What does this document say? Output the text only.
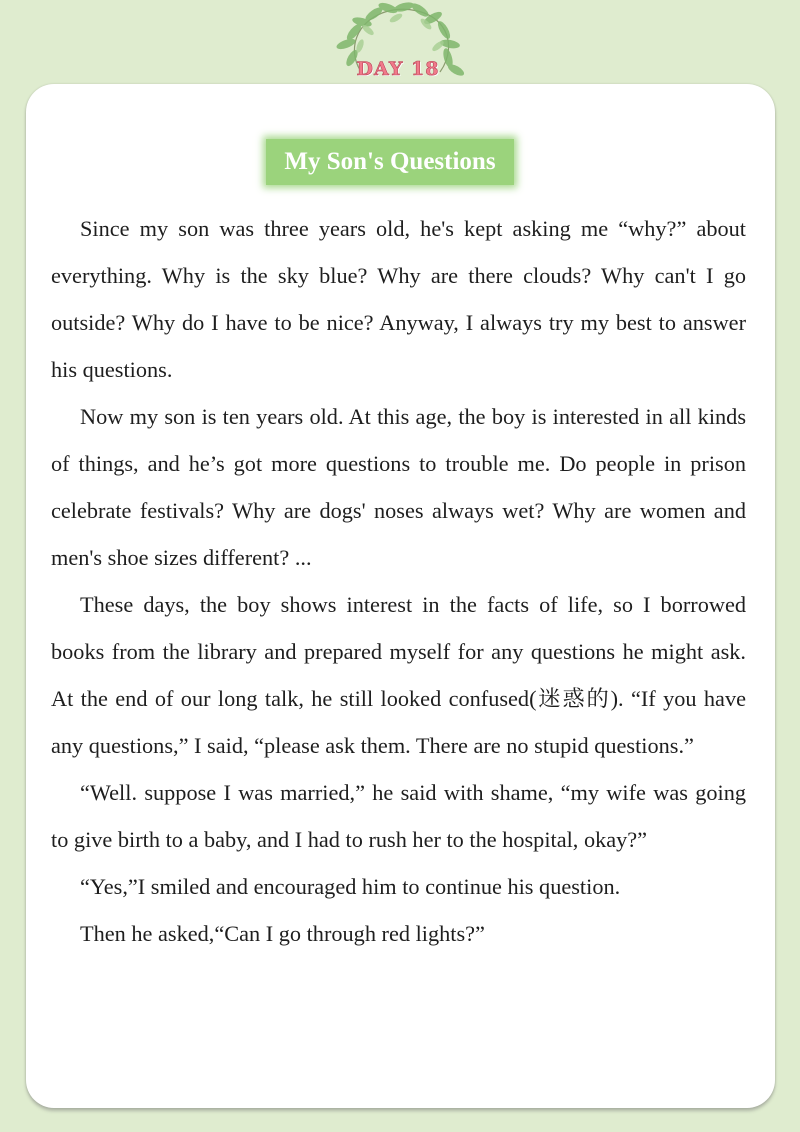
DAY 18
My Son's Questions

Since my son was three years old, he's kept asking me “why?” about everything. Why is the sky blue? Why are there clouds? Why can't I go outside? Why do I have to be nice? Anyway, I always try my best to answer his questions.

Now my son is ten years old. At this age, the boy is interested in all kinds of things, and he’s got more questions to trouble me. Do people in prison celebrate festivals? Why are dogs' noses always wet? Why are women and men's shoe sizes different? ...

These days, the boy shows interest in the facts of life, so I borrowed books from the library and prepared myself for any questions he might ask. At the end of our long talk, he still looked confused(迷惑的). “If you have any questions,” I said, “please ask them. There are no stupid questions.”

“Well. suppose I was married,” he said with shame, “my wife was going to give birth to a baby, and I had to rush her to the hospital, okay?”

“Yes,”I smiled and encouraged him to continue his question.

Then he asked,“Can I go through red lights?”
